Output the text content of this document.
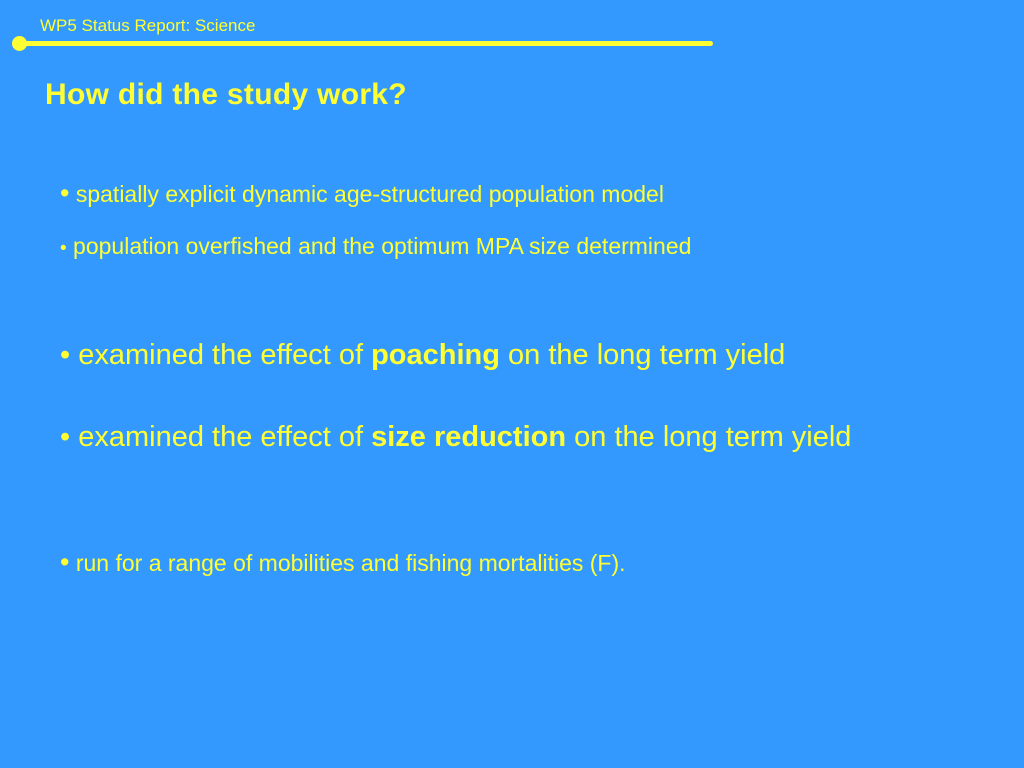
WP5 Status Report: Science
How did the study work?
• spatially explicit dynamic age-structured population model
• population overfished and the optimum MPA size determined
• examined the effect of poaching on the long term yield
• examined the effect of size reduction on the long term yield
• run for a range of mobilities and fishing mortalities (F).
